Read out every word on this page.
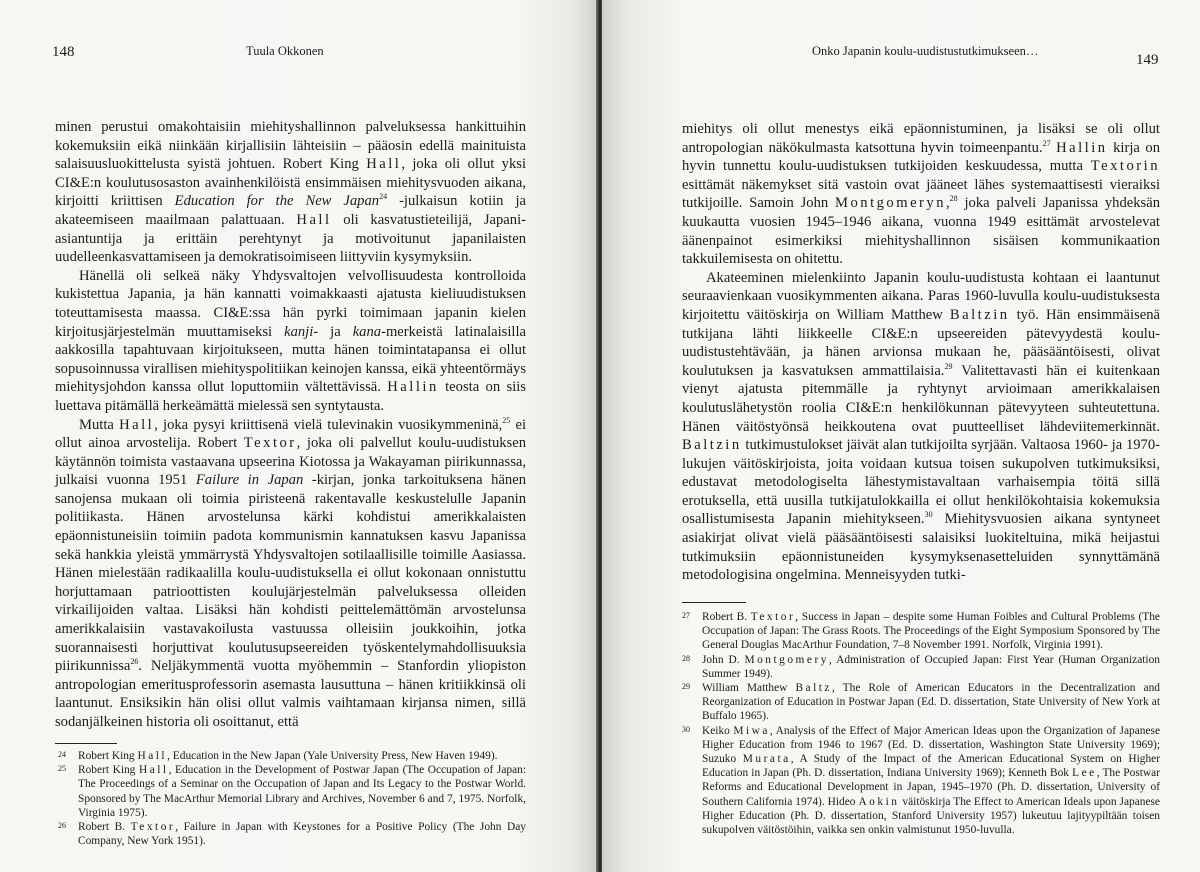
148	Tuula Okkonen

minen perustui omakohtaisiin miehityshallinnon palveluksessa hankittuihin kokemuksiin eikä niinkään kirjallisiin lähteisiin – pääosin edellä mainituista salaisuusluokittelusta syistä johtuen. Robert King Hall, joka oli ollut yksi CI&E:n koulutusosaston avainhenkilöistä ensimmäisen miehitysvuoden aikana, kirjoitti kriittisen Education for the New Japan$^{24}$ -julkaisun kotiin ja akateemiseen maailmaan palattuaan. Hall oli kasvatustieteilijä, Japani-asiantuntija ja erittäin perehtynyt ja motivoitunut japanilaisten uudelleenkasvattamiseen ja demokratisoimiseen liittyviin kysymyksiin.

Hänellä oli selkeä näky Yhdysvaltojen velvollisuudesta kontrolloida kukistettua Japania, ja hän kannatti voimakkaasti ajatusta kieliuudistuksen toteuttamisesta maassa. CI&E:ssa hän pyrki toimimaan japanin kielen kirjoitusjärjestelmän muuttamiseksi kanji- ja kana-merkeistä latinalaisilla aakkosilla tapahtuvaan kirjoitukseen, mutta hänen toimintatapansa ei ollut sopusoinnussa virallisen miehityspolitiikan keinojen kanssa, eikä yhteentörmäys miehitysjohdon kanssa ollut loputtomiin vältettävissä. Hallin teosta on siis luettava pitämällä herkeämättä mielessä sen syntytausta.

Mutta Hall, joka pysyi kriittisenä vielä tulevinakin vuosikymmeninä,$^{25}$ ei ollut ainoa arvostelija. Robert Textor, joka oli palvellut koulu-uudistuksen käytännön toimista vastaavana upseerina Kiotossa ja Wakayaman piirikunnassa, julkaisi vuonna 1951 Failure in Japan -kirjan, jonka tarkoituksena hänen sanojensa mukaan oli toimia piristeenä rakentavalle keskustelulle Japanin politiikasta. Hänen arvostelunsa kärki kohdistui amerikkalaisten epäonnistuneisiin toimiin padota kommunismin kannatuksen kasvu Japanissa sekä hankkia yleistä ymmärrystä Yhdysvaltojen sotilaallisille toimille Aasiassa. Hänen mielestään radikaalilla koulu-uudistuksella ei ollut kokonaan onnistuttu horjuttamaan patrioottisten koulujärjestelmän palveluksessa olleiden virkailijoiden valtaa. Lisäksi hän kohdisti peittelemättömän arvostelunsa amerikkalaisiin vastavakoilusta vastuussa olleisiin joukkoihin, jotka suorannaisesti horjuttivat koulutusupseereiden työskentelymahdollisuuksia piirikunnissa$^{26}$. Neljäkymmentä vuotta myöhemmin – Stanfordin yliopiston antropologian emeritusprofessorin asemasta lausuttuna – hänen kritiikkinsä oli laantunut. Ensiksikin hän olisi ollut valmis vaihtamaan kirjansa nimen, sillä sodanjälkeinen historia oli osoittanut, että

24	Robert King Hall, Education in the New Japan (Yale University Press, New Haven 1949).
25	Robert King Hall, Education in the Development of Postwar Japan (The Occupation of Japan: The Proceedings of a Seminar on the Occupation of Japan and Its Legacy to the Postwar World. Sponsored by The MacArthur Memorial Library and Archives, November 6 and 7, 1975. Norfolk, Virginia 1975).
26	Robert B. Textor, Failure in Japan with Keystones for a Positive Policy (The John Day Company, New York 1951).
Onko Japanin koulu-uudistustutkimukseen…
149

miehitys oli ollut menestys eikä epäonnistuminen, ja lisäksi se oli ollut antropologian näkökulmasta katsottuna hyvin toimeenpantu.$^{27}$ Hallin kirja on hyvin tunnettu koulu-uudistuksen tutkijoiden keskuudessa, mutta Textorin esittämät näkemykset sitä vastoin ovat jääneet lähes systemaattisesti vieraiksi tutkijoille. Samoin John Montgomeryn,$^{28}$ joka palveli Japanissa yhdeksän kuukautta vuosien 1945–1946 aikana, vuonna 1949 esittämät arvostelevat äänenpainot esimerkiksi miehityshallinnon sisäisen kommunikaation takkuilemisesta on ohitettu.

Akateeminen mielenkiinto Japanin koulu-uudistusta kohtaan ei laantunut seuraavienkaan vuosikymmenten aikana. Paras 1960-luvulla koulu-uudistuksesta kirjoitettu väitöskirja on William Matthew Baltzin työ. Hän ensimmäisenä tutkijana lähti liikkeelle CI&E:n upseereiden pätevyydestä koulu-uudistustehtävään, ja hänen arvionsa mukaan he, pääsääntöisesti, olivat koulutuksen ja kasvatuksen ammattilaisia.$^{29}$ Valitettavasti hän ei kuitenkaan vienyt ajatusta pitemmälle ja ryhtynyt arvioimaan amerikkalaisen koulutuslähetystön roolia CI&E:n henkilökunnan pätevyyteen suhteutettuna. Hänen väitöstyönsä heikkoutena ovat puutteelliset lähdeviitemerkinnät. Baltzin tutkimustulokset jäivät alan tutkijoilta syrjään. Valtaosa 1960- ja 1970-lukujen väitöskirjoista, joita voidaan kutsua toisen sukupolven tutkimuksiksi, edustavat metodologiselta lähestymistavaltaan varhaisempia töitä sillä erotuksella, että uusilla tutkijatulokkailla ei ollut henkilökohtaisia kokemuksia osallistumisesta Japanin miehitykseen.$^{30}$ Miehitysvuosien aikana syntyneet asiakirjat olivat vielä pääsääntöisesti salaisiksi luokiteltuina, mikä heijastui tutkimuksiin epäonnistuneiden kysymyksenasetteluiden synnyttämänä metodologisina ongelmina. Menneisyyden tutki-

27	Robert B. Textor, Success in Japan – despite some Human Foibles and Cultural Problems (The Occupation of Japan: The Grass Roots. The Proceedings of the Eight Symposium Sponsored by The General Douglas MacArthur Foundation, 7–8 November 1991. Norfolk, Virginia 1991).
28	John D. Montgomery, Administration of Occupied Japan: First Year (Human Organization Summer 1949).
29	William Matthew Baltz, The Role of American Educators in the Decentralization and Reorganization of Education in Postwar Japan (Ed. D. dissertation, State University of New York at Buffalo 1965).
30	Keiko Miwa, Analysis of the Effect of Major American Ideas upon the Organization of Japanese Higher Education from 1946 to 1967 (Ed. D. dissertation, Washington State University 1969); Suzuko Murata, A Study of the Impact of the American Educational System on Higher Education in Japan (Ph. D. dissertation, Indiana University 1969); Kenneth Bok Lee, The Postwar Reforms and Educational Development in Japan, 1945–1970 (Ph. D. dissertation, University of Southern California 1974). Hideo Aokin väitöskirja The Effect to American Ideals upon Japanese Higher Education (Ph. D. dissertation, Stanford University 1957) lukeutuu lajityypiltään toisen sukupolven väitöstöihin, vaikka sen onkin valmistunut 1950-luvulla.
